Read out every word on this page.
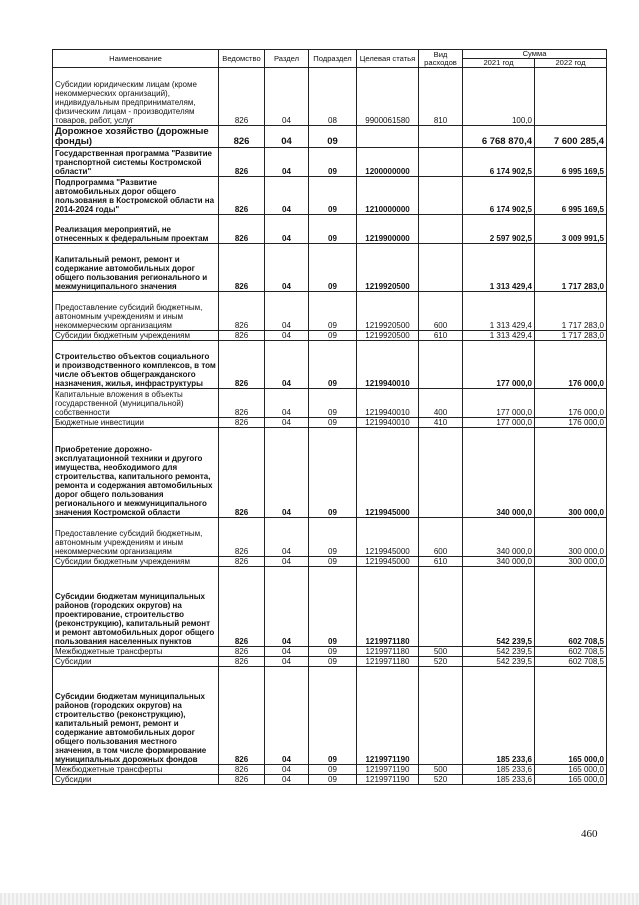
Наименование	Ведомство	Раздел	Подраздел	Целевая статья	Вид расходов	Сумма	
						2021 год	2022 год
Субсидии юридическим лицам (кроме некоммерческих организаций), индивидуальным предпринимателям, физическим лицам - производителям товаров, работ, услуг	826	04	08	9900061580	810	100,0	
Дорожное хозяйство (дорожные фонды)	826	04	09			6 768 870,4	7 600 285,4
Государственная программа "Развитие транспортной системы Костромской области"	826	04	09	1200000000		6 174 902,5	6 995 169,5
Подпрограмма "Развитие автомобильных дорог общего пользования в Костромской области на 2014-2024 годы"	826	04	09	1210000000		6 174 902,5	6 995 169,5
Реализация мероприятий, не отнесенных к федеральным проектам	826	04	09	1219900000		2 597 902,5	3 009 991,5
Капитальный ремонт, ремонт и содержание автомобильных дорог общего пользования регионального и межмуниципального значения	826	04	09	1219920500		1 313 429,4	1 717 283,0
Предоставление субсидий бюджетным, автономным учреждениям и иным некоммерческим организациям	826	04	09	1219920500	600	1 313 429,4	1 717 283,0
Субсидии бюджетным учреждениям	826	04	09	1219920500	610	1 313 429,4	1 717 283,0
Строительство объектов социального и производственного комплексов, в том числе объектов общегражданского назначения, жилья, инфраструктуры	826	04	09	1219940010		177 000,0	176 000,0
Капитальные вложения в объекты государственной (муниципальной) собственности	826	04	09	1219940010	400	177 000,0	176 000,0
Бюджетные инвестиции	826	04	09	1219940010	410	177 000,0	176 000,0
Приобретение дорожно-эксплуатационной техники и другого имущества, необходимого для строительства, капитального ремонта, ремонта и содержания автомобильных дорог общего пользования регионального и межмуниципального значения Костромской области	826	04	09	1219945000		340 000,0	300 000,0
Предоставление субсидий бюджетным, автономным учреждениям и иным некоммерческим организациям	826	04	09	1219945000	600	340 000,0	300 000,0
Субсидии бюджетным учреждениям	826	04	09	1219945000	610	340 000,0	300 000,0
Субсидии бюджетам муниципальных районов (городских округов) на проектирование, строительство (реконструкцию), капитальный ремонт и ремонт автомобильных дорог общего пользования населенных пунктов	826	04	09	1219971180		542 239,5	602 708,5
Межбюджетные трансферты	826	04	09	1219971180	500	542 239,5	602 708,5
Субсидии	826	04	09	1219971180	520	542 239,5	602 708,5
Субсидии бюджетам муниципальных районов (городских округов) на строительство (реконструкцию), капитальный ремонт, ремонт и содержание автомобильных дорог общего пользования местного значения, в том числе формирование муниципальных дорожных фондов	826	04	09	1219971190		185 233,6	165 000,0
Межбюджетные трансферты	826	04	09	1219971190	500	185 233,6	165 000,0
Субсидии	826	04	09	1219971190	520	185 233,6	165 000,0
460
